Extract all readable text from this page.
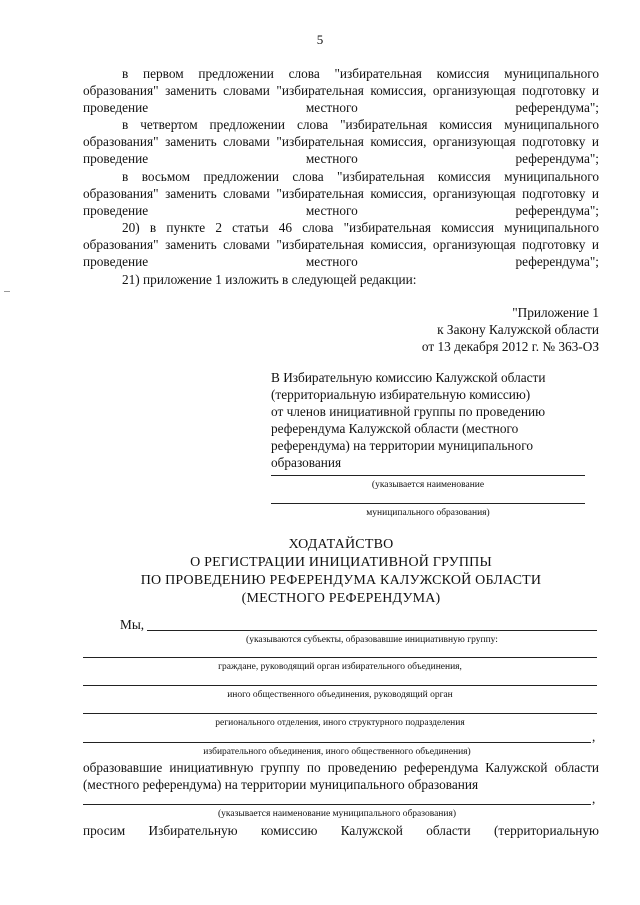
5
в первом предложении слова "избирательная комиссия муниципального образования" заменить словами "избирательная комиссия, организующая подготовку и проведение местного референдума";
в четвертом предложении слова "избирательная комиссия муниципального образования" заменить словами "избирательная комиссия, организующая подготовку и проведение местного референдума";
в восьмом предложении слова "избирательная комиссия муниципального образования" заменить словами "избирательная комиссия, организующая подготовку и проведение местного референдума";
20) в пункте 2 статьи 46 слова "избирательная комиссия муниципального образования" заменить словами "избирательная комиссия, организующая подготовку и проведение местного референдума";
21) приложение 1 изложить в следующей редакции:
"Приложение 1
к Закону Калужской области
от 13 декабря 2012 г. № 363-ОЗ
В Избирательную комиссию Калужской области
(территориальную избирательную комиссию)
от членов инициативной группы по проведению
референдума Калужской области (местного
референдума) на территории муниципального
образования
(указывается наименование
муниципального образования)
ХОДАТАЙСТВО
О РЕГИСТРАЦИИ ИНИЦИАТИВНОЙ ГРУППЫ
ПО ПРОВЕДЕНИЮ РЕФЕРЕНДУМА КАЛУЖСКОЙ ОБЛАСТИ
(МЕСТНОГО РЕФЕРЕНДУМА)
Мы,
(указываются субъекты, образовавшие инициативную группу:
граждане, руководящий орган избирательного объединения,
иного общественного объединения, руководящий орган
регионального отделения, иного структурного подразделения
,
избирательного объединения, иного общественного объединения)
образовавшие инициативную группу по проведению референдума Калужской области
(местного референдума) на территории муниципального образования
,
(указывается наименование муниципального образования)
просим Избирательную комиссию Калужской области (территориальную
